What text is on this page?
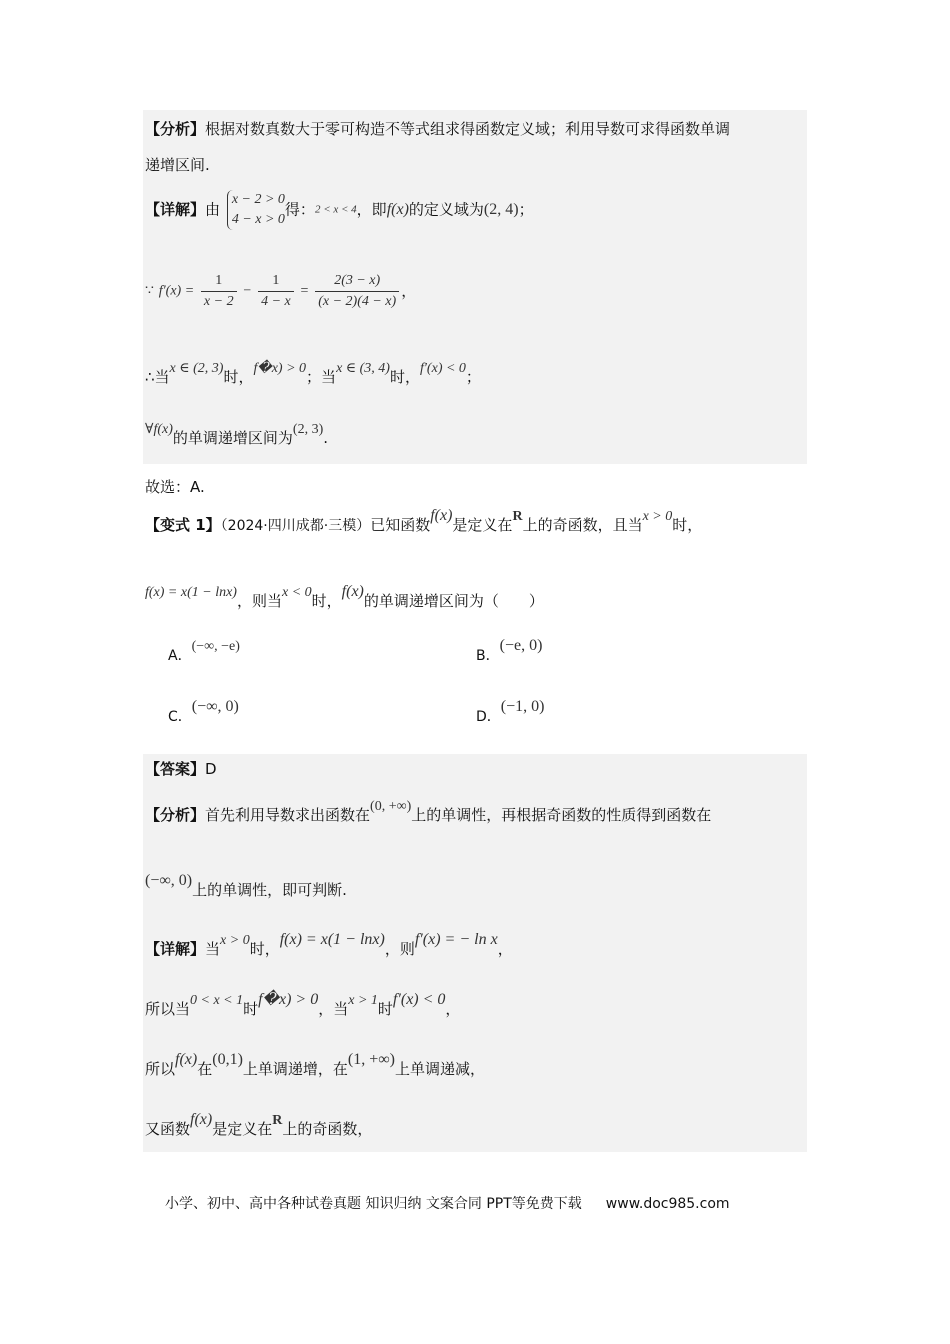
【分析】根据对数真数大于零可构造不等式组求得函数定义域；利用导数可求得函数单调
递增区间.
【详解】由
x − 2 > 0
4 − x > 0
得：2 < x < 4，即f(x)的定义域为(2, 4)；
∵ $f'(x) = \frac{1}{x - 2} - \frac{1}{4 - x} = \frac{2(3 - x)}{(x - 2)(4 - x)}$ ，
∴当x ∈ (2, 3)时，f�x) > 0；当x ∈ (3, 4)时，f′(x) < 0；
∀f(x)的单调递增区间为(2, 3).
故选：A.
【变式 1】（2024·四川成都·三模）已知函数f(x)是定义在R上的奇函数，且当x > 0时，
f(x) = x(1 − lnx)，则当x < 0时，f(x)的单调递增区间为（　　）
A．(−∞, −e)
B．(−e, 0)
C．(−∞, 0)
D．(−1, 0)
【答案】D
【分析】首先利用导数求出函数在(0, +∞)上的单调性，再根据奇函数的性质得到函数在
(−∞, 0)上的单调性，即可判断.
【详解】当x > 0时，f(x) = x(1 − lnx)，则f′(x) = − ln x，
所以当0 < x < 1时f�x) > 0，当x > 1时f′(x) < 0，
所以f(x)在(0,1)上单调递增，在(1, +∞)上单调递减，
又函数f(x)是定义在R上的奇函数，
小学、初中、高中各种试卷真题 知识归纳 文案合同 PPT等免费下载 www.doc985.com
